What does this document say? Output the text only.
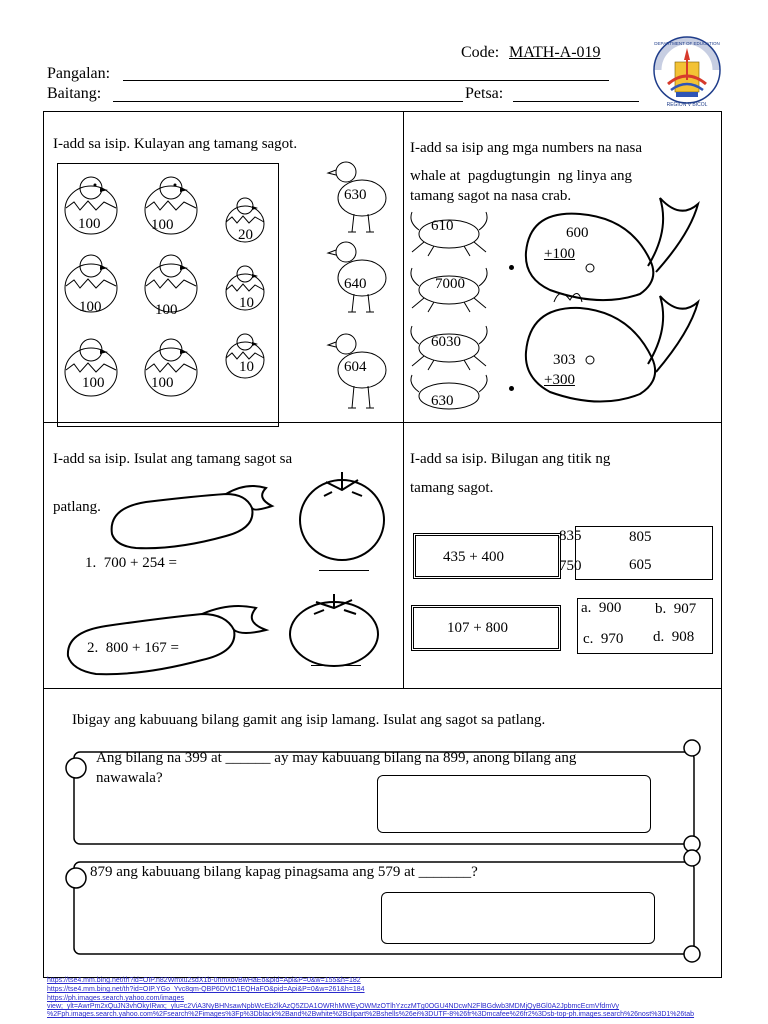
Code: MATH-A-019
Pangalan:
Baitang:	Petsa:
DEPARTMENT OF EDUCATION
REGION V BICOL
I-add sa isip. Kulayan ang tamang sagot.
100	100
20
100	100	10
100	100
10
630
640
604
I-add sa isip ang mga numbers na nasa
whale at  pagdugtungin  ng linya ang
tamang sagot na nasa crab.
610
7000
6030
630
600
+100
303
+300
I-add sa isip. Isulat ang tamang sagot sa
patlang.
1.  700 + 254 =
2.  800 + 167 =
I-add sa isip. Bilugan ang titik ng
tamang sagot.
435 + 400
835	805
750	605
107 + 800
a.  900 b.  907
c.  970 d.  908
Ibigay ang kabuuang bilang gamit ang isip lamang. Isulat ang sagot sa patlang.
Ang bilang na 399 at ______ ay may kabuuang bilang na 899, anong bilang ang
nawawala?
879 ang kabuuang bilang kapag pinagsama ang 579 at _______?
https://tse4.mm.bing.net/th?id=OIP.n82Wmxu2sdX1b-0nmxovBwHaEo&pid=Api&P=0&w=155&h=182
https://tse4.mm.bing.net/th?id=OIP.YGo_Yvc8qm-QBP6DVtC1EQHaFO&pid=Api&P=0&w=261&h=184
https://ph.images.search.yahoo.com/images
view;_ylt=AwrPm2xQuJN3vhOkyIRwx;_ylu=c2ViA3NyBHNsawNpbWcEb2lkAzQ5ZDA1OWRhMWEyOWMzOTlhYzczMTg0OGU4NDcwN2FlBGdwb3MDMjQyBGl0A2JpbmcEcmVfdmVy
%2Fph.images.search.yahoo.com%2Fsearch%2Fimages%3Fp%3Dblack%2Band%2Bwhite%2Bclipart%2Bshells%26ei%3DUTF-8%26fr%3Dmcafee%26fr2%3Dsb-top-ph.images.search%26nost%3D1%26tab
